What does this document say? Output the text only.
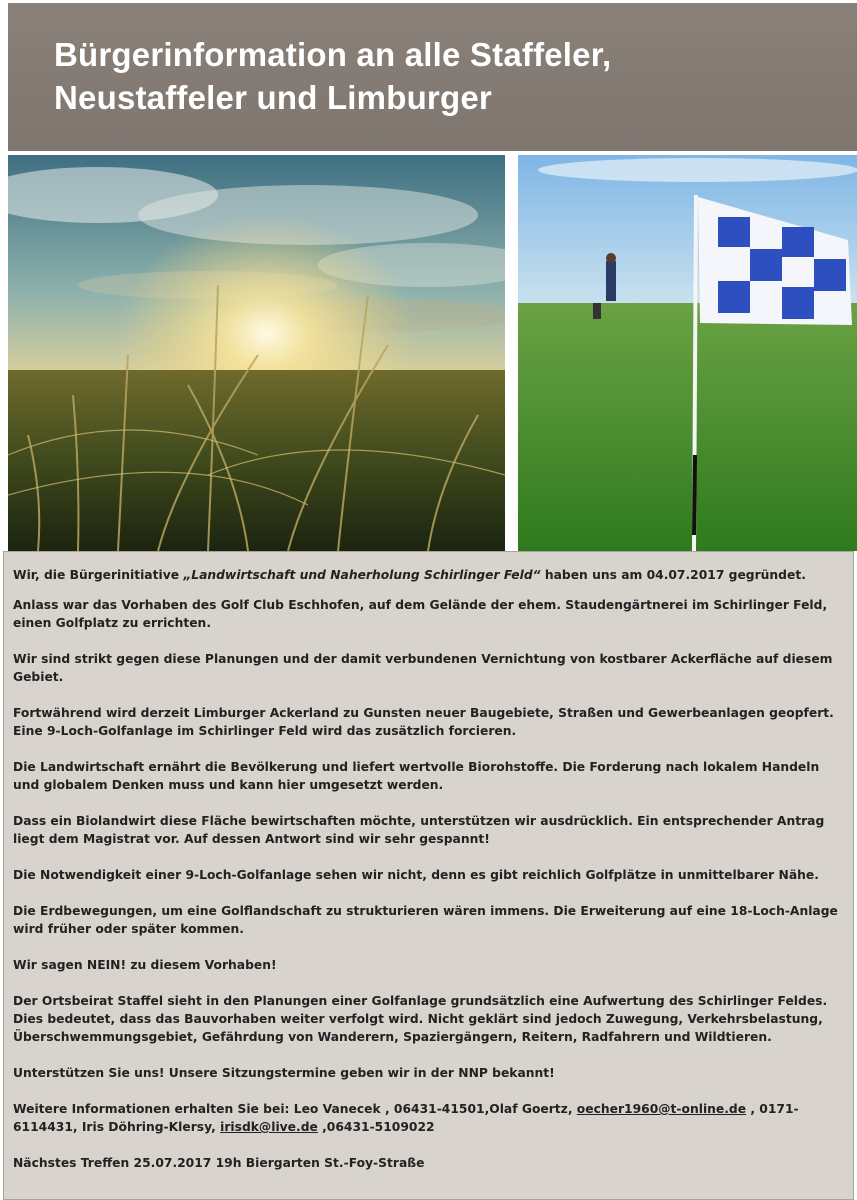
Bürgerinformation an alle Staffeler,
Neustaffeler und Limburger

Wir, die Bürgerinitiative „Landwirtschaft und Naherholung Schirlinger Feld“ haben uns am 04.07.2017 gegründet.

Anlass war das Vorhaben des Golf Club Eschhofen, auf dem Gelände der ehem. Staudengärtnerei im Schirlinger Feld, einen Golfplatz zu errichten.

Wir sind strikt gegen diese Planungen und der damit verbundenen Vernichtung von kostbarer Ackerfläche auf diesem Gebiet.

Fortwährend wird derzeit Limburger Ackerland zu Gunsten neuer Baugebiete, Straßen und Gewerbeanlagen geopfert. Eine 9-Loch-Golfanlage im Schirlinger Feld wird das zusätzlich forcieren.

Die Landwirtschaft ernährt die Bevölkerung und liefert wertvolle Biorohstoffe. Die Forderung nach lokalem Handeln und globalem Denken muss und kann hier umgesetzt werden.

Dass ein Biolandwirt diese Fläche bewirtschaften möchte, unterstützen wir ausdrücklich. Ein entsprechender Antrag liegt dem Magistrat vor. Auf dessen Antwort sind wir sehr gespannt!

Die Notwendigkeit einer 9-Loch-Golfanlage sehen wir nicht, denn es gibt reichlich Golfplätze in unmittelbarer Nähe.

Die Erdbewegungen, um eine Golflandschaft zu strukturieren wären immens. Die Erweiterung auf eine 18-Loch-Anlage wird früher oder später kommen.

Wir sagen NEIN! zu diesem Vorhaben!

Der Ortsbeirat Staffel sieht in den Planungen einer Golfanlage grundsätzlich eine Aufwertung des Schirlinger Feldes. Dies bedeutet, dass das Bauvorhaben weiter verfolgt wird. Nicht geklärt sind jedoch Zuwegung, Verkehrsbelastung, Überschwemmungsgebiet, Gefährdung von Wanderern, Spaziergängern, Reitern, Radfahrern und Wildtieren.

Unterstützen Sie uns! Unsere Sitzungstermine geben wir in der NNP bekannt!

Weitere Informationen erhalten Sie bei: Leo Vanecek , 06431-41501,Olaf Goertz, oecher1960@t-online.de , 0171-6114431, Iris Döhring-Klersy, irisdk@live.de ,06431-5109022

Nächstes Treffen 25.07.2017 19h Biergarten St.-Foy-Straße
